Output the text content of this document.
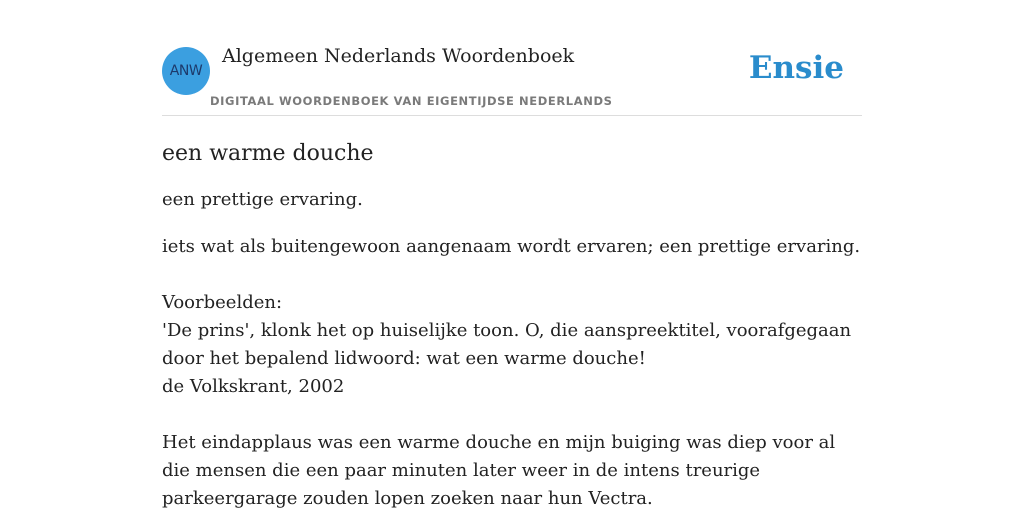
ANW
Algemeen Nederlands Woordenboek
DIGITAAL WOORDENBOEK VAN EIGENTIJDSE NEDERLANDS
Ensie
een warme douche

een prettige ervaring.

iets wat als buitengewoon aangenaam wordt ervaren; een prettige ervaring.
Voorbeelden:
'De prins', klonk het op huiselijke toon. O, die aanspreektitel, voorafgegaan door het bepalend lidwoord: wat een warme douche!
de Volkskrant, 2002
Het eindapplaus was een warme douche en mijn buiging was diep voor al die mensen die een paar minuten later weer in de intens treurige parkeergarage zouden lopen zoeken naar hun Vectra.
